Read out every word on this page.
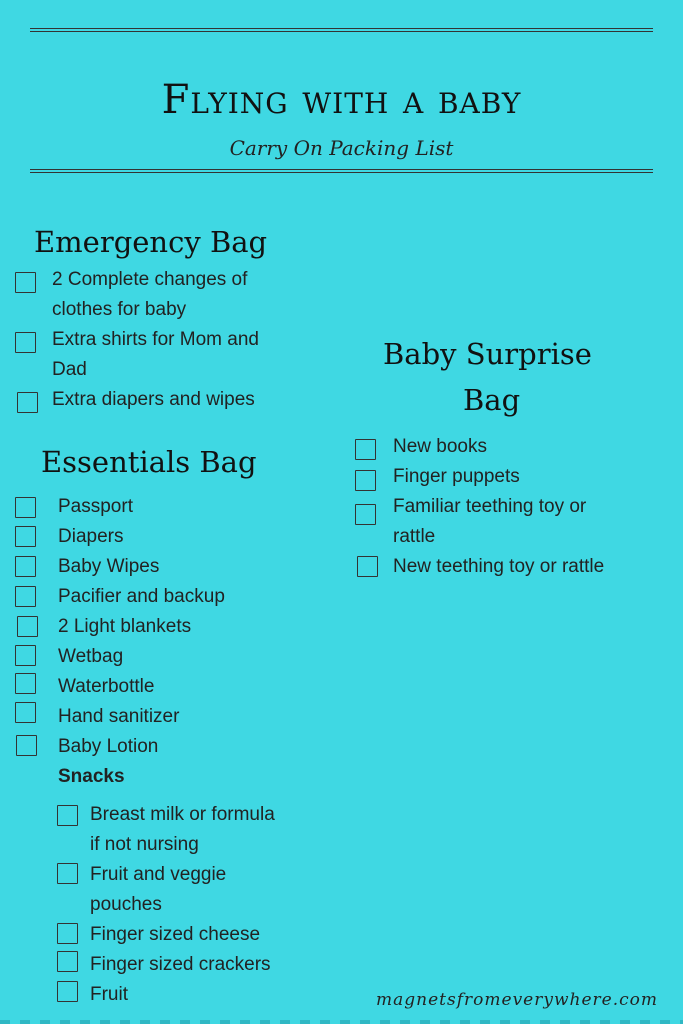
Flying with a baby
Carry On Packing List
Emergency Bag
2 Complete changes of
clothes for baby
Extra shirts for Mom and
Dad
Extra diapers and wipes
Essentials Bag
Passport
Diapers
Baby Wipes
Pacifier and backup
2 Light blankets
Wetbag
Waterbottle
Hand sanitizer
Baby Lotion
Snacks
Breast milk or formula
if not nursing
Fruit and veggie
pouches
Finger sized cheese
Finger sized crackers
Fruit
Baby Surprise
Bag
New books
Finger puppets
Familiar teething toy or
rattle
New teething toy or rattle
magnetsfromeverywhere.com
